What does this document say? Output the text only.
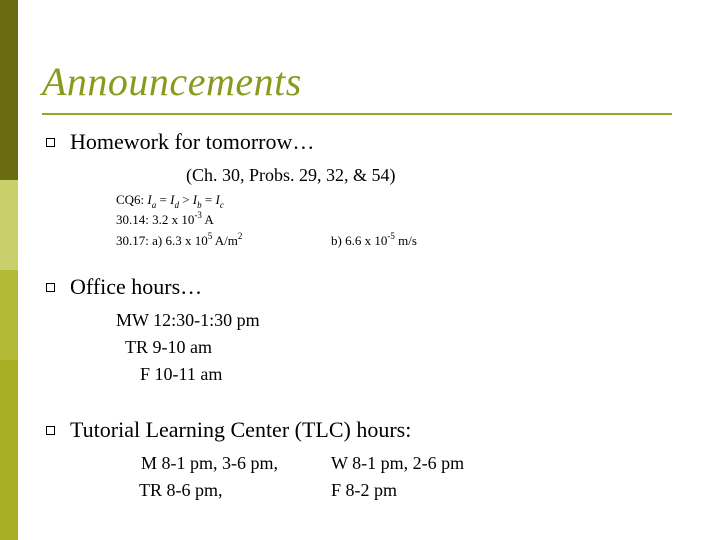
Announcements
Homework for tomorrow…
(Ch. 30, Probs. 29, 32, & 54)
CQ6: $I_a = I_d > I_b = I_c$
30.14: 3.2 x $10^{-3}$ A
30.17: a) 6.3 x $10^5$ $A/m^2$	b) 6.6 x $10^{-5}$ m/s
Office hours…
MW 12:30-1:30 pm
TR 9-10 am
F 10-11 am
Tutorial Learning Center (TLC) hours:
M 8-1 pm, 3-6 pm,	W 8-1 pm, 2-6 pm
TR 8-6 pm,	F 8-2 pm
